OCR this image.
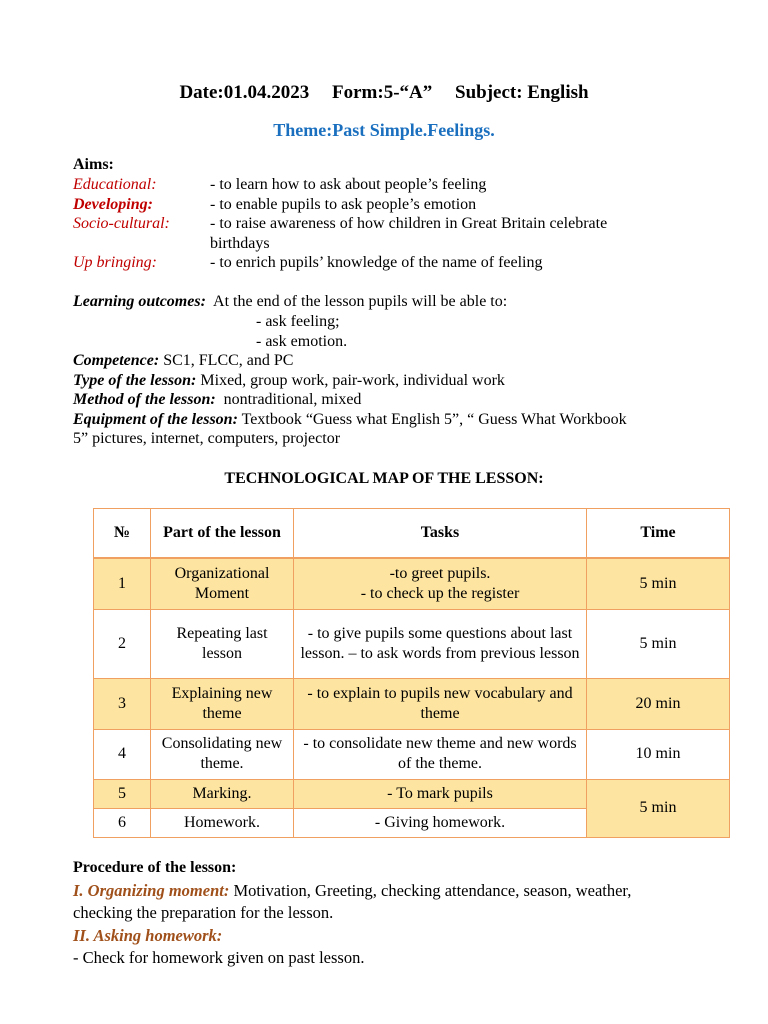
Date:01.04.2023 Form:5-“A” Subject: English
Theme:Past Simple.Feelings.
Aims:
Educational:	- to learn how to ask about people’s feeling
Developing:	- to enable pupils to ask people’s emotion
Socio-cultural:	- to raise awareness of how children in Great Britain celebrate
birthdays
Up bringing:	- to enrich pupils’ knowledge of the name of feeling
Learning outcomes: At the end of the lesson pupils will be able to:
- ask feeling;
- ask emotion.
Competence: SC1, FLCC, and PC
Type of the lesson: Mixed, group work, pair-work, individual work
Method of the lesson: nontraditional, mixed
Equipment of the lesson: Textbook “Guess what English 5”, “ Guess What Workbook
5” pictures, internet, computers, projector
TECHNOLOGICAL MAP OF THE LESSON:
№	Part of the lesson	Tasks	Time
1	Organizational Moment	-to greet pupils.
- to check up the register	5 min
2	Repeating last lesson	- to give pupils some questions about last lesson. – to ask words from previous lesson	5 min
3	Explaining new theme	- to explain to pupils new vocabulary and theme	20 min
4	Consolidating new theme.	- to consolidate new theme and new words of the theme.	10 min
5	Marking.	- To mark pupils	5 min
6	Homework.	- Giving homework.	
Procedure of the lesson:
I. Organizing moment: Motivation, Greeting, checking attendance, season, weather,
checking the preparation for the lesson.
II. Asking homework:
- Check for homework given on past lesson.
